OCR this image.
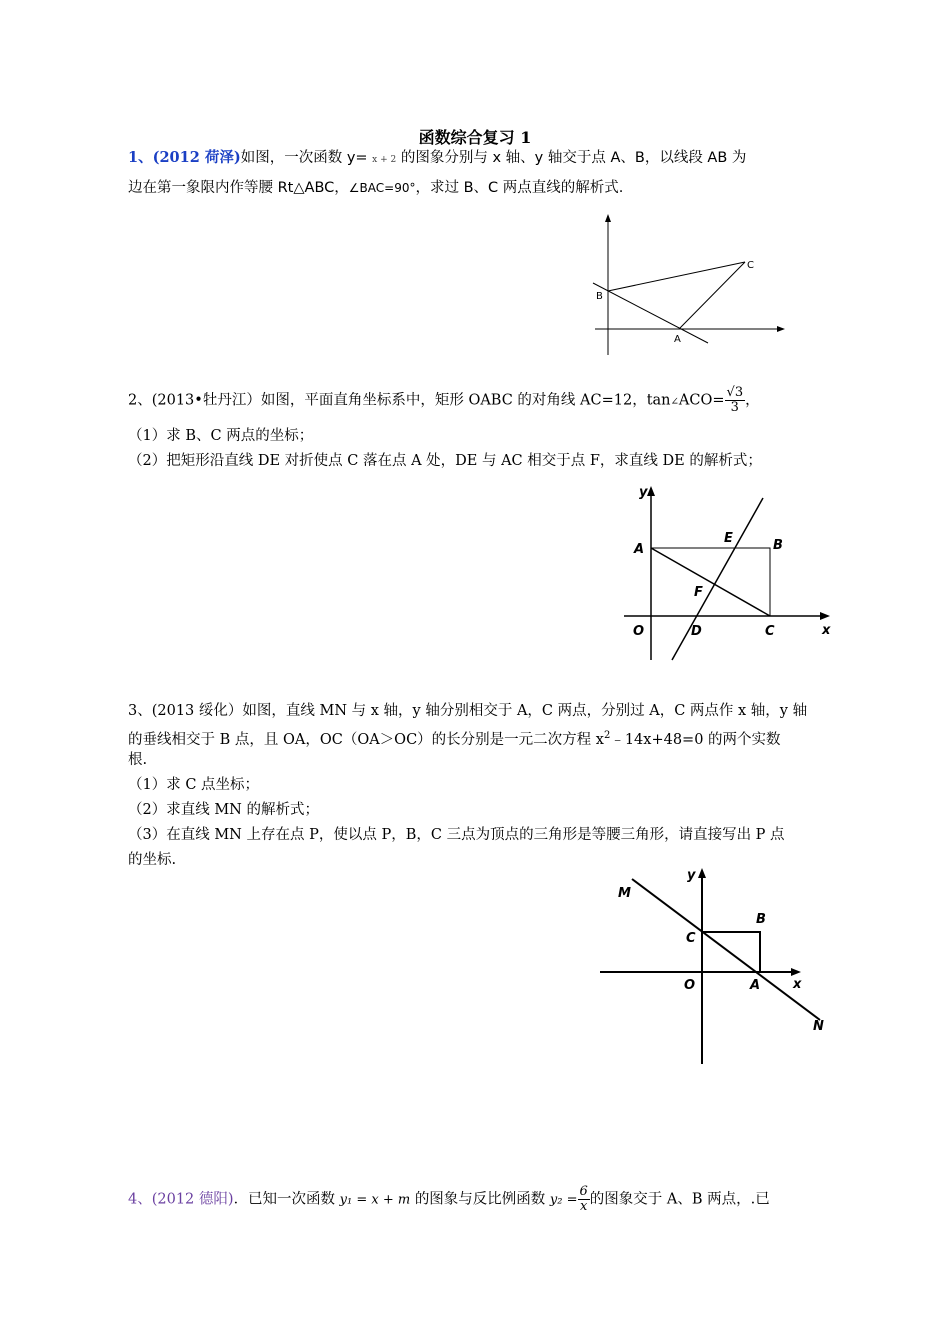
函数综合复习 1
1、(2012 荷泽)如图，一次函数 y= x + 2 的图象分别与 x 轴、y 轴交于点 A、B，以线段 AB 为
边在第一象限内作等腰 Rt△ABC，∠BAC=90°，求过 B、C 两点直线的解析式.
B
A
C
2、(2013•牡丹江）如图，平面直角坐标系中，矩形 OABC 的对角线 AC=12，tan∠ACO= $\frac{√3}{3}$ ，
（1）求 B、C 两点的坐标；
（2）把矩形沿直线 DE 对折使点 C 落在点 A 处，DE 与 AC 相交于点 F，求直线 DE 的解析式；
y
x
O
A	B
C
D
E
F
3、(2013 绥化）如图，直线 MN 与 x 轴，y 轴分别相交于 A，C 两点，分别过 A，C 两点作 x 轴，y 轴
的垂线相交于 B 点，且 OA，OC（OA＞OC）的长分别是一元二次方程 $x^2﹣14x+48=0$ 的两个实数
根.
（1）求 C 点坐标；
（2）求直线 MN 的解析式；
（3）在直线 MN 上存在点 P，使以点 P，B，C 三点为顶点的三角形是等腰三角形，请直接写出 P 点
的坐标.
y
x
O	A
B
C
M
N
4、(2012 德阳)．已知一次函数 y₁ = x + m 的图象与反比例函数 $y_2 = \frac{6}{x}$ 的图象交于 A、B 两点，.已
